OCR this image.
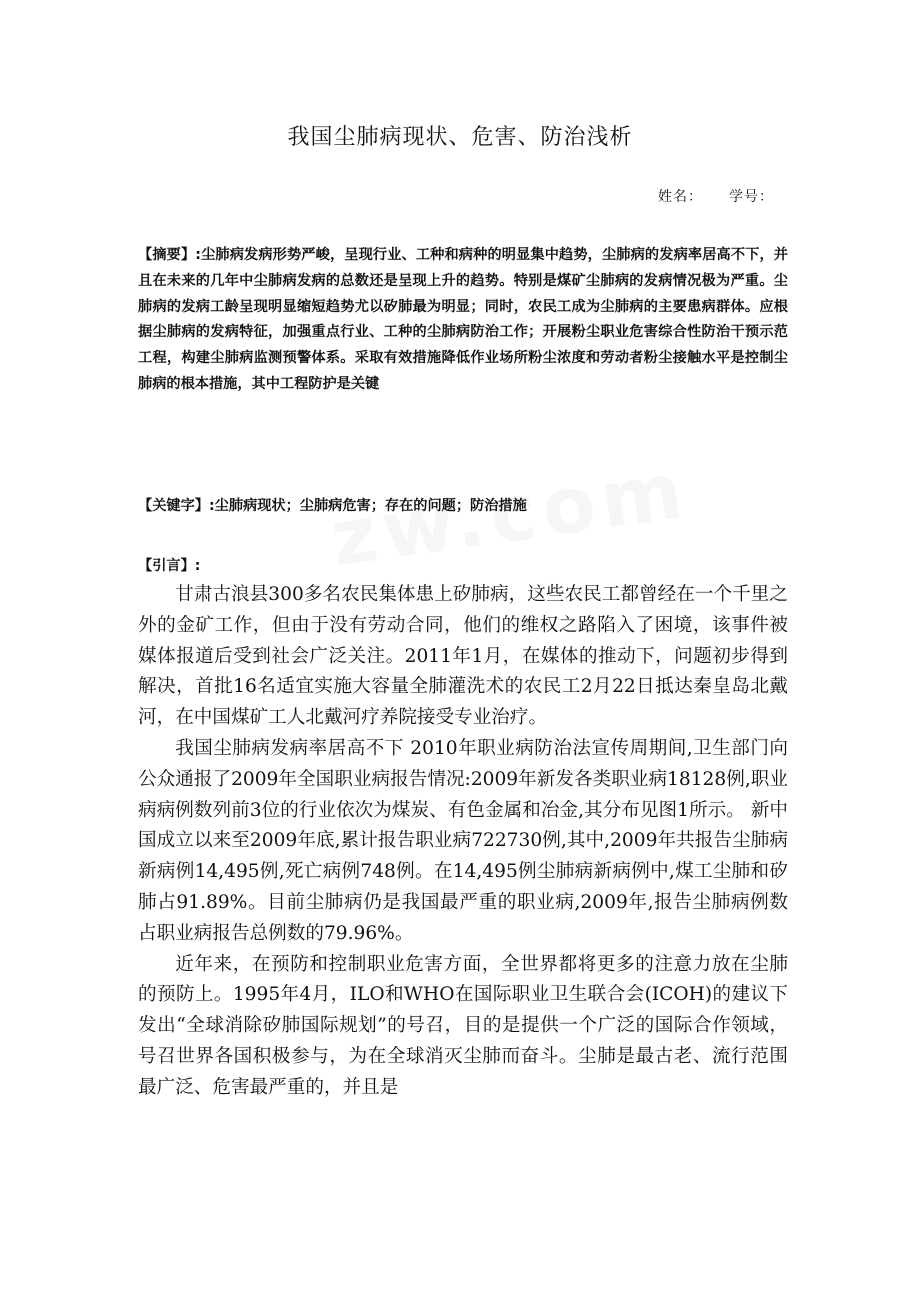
我国尘肺病现状、危害、防治浅析
姓名： 学号：
【摘要】:尘肺病发病形势严峻，呈现行业、工种和病种的明显集中趋势，尘肺病的发病率居高不下，并且在未来的几年中尘肺病发病的总数还是呈现上升的趋势。特别是煤矿尘肺病的发病情况极为严重。尘肺病的发病工龄呈现明显缩短趋势尤以矽肺最为明显；同时，农民工成为尘肺病的主要患病群体。应根据尘肺病的发病特征，加强重点行业、工种的尘肺病防治工作；开展粉尘职业危害综合性防治干预示范工程，构建尘肺病监测预警体系。采取有效措施降低作业场所粉尘浓度和劳动者粉尘接触水平是控制尘肺病的根本措施，其中工程防护是关键
【关键字】:尘肺病现状；尘肺病危害；存在的问题；防治措施
【引言】:

甘肃古浪县300多名农民集体患上矽肺病，这些农民工都曾经在一个千里之外的金矿工作，但由于没有劳动合同，他们的维权之路陷入了困境，该事件被媒体报道后受到社会广泛关注。2011年1月，在媒体的推动下，问题初步得到解决，首批16名适宜实施大容量全肺灌洗术的农民工2月22日抵达秦皇岛北戴河，在中国煤矿工人北戴河疗养院接受专业治疗。

我国尘肺病发病率居高不下 2010年职业病防治法宣传周期间,卫生部门向公众通报了2009年全国职业病报告情况:2009年新发各类职业病18128例,职业病病例数列前3位的行业依次为煤炭、有色金属和冶金,其分布见图1所示。 新中国成立以来至2009年底,累计报告职业病722730例,其中,2009年共报告尘肺病新病例14,495例,死亡病例748例。在14,495例尘肺病新病例中,煤工尘肺和矽肺占91.89%。目前尘肺病仍是我国最严重的职业病,2009年,报告尘肺病例数占职业病报告总例数的79.96%。

近年来，在预防和控制职业危害方面，全世界都将更多的注意力放在尘肺的预防上。1995年4月，ILO和WHO在国际职业卫生联合会(ICOH)的建议下发出“全球消除矽肺国际规划”的号召，目的是提供一个广泛的国际合作领域，号召世界各国积极参与，为在全球消灭尘肺而奋斗。尘肺是最古老、流行范围最广泛、危害最严重的，并且是
